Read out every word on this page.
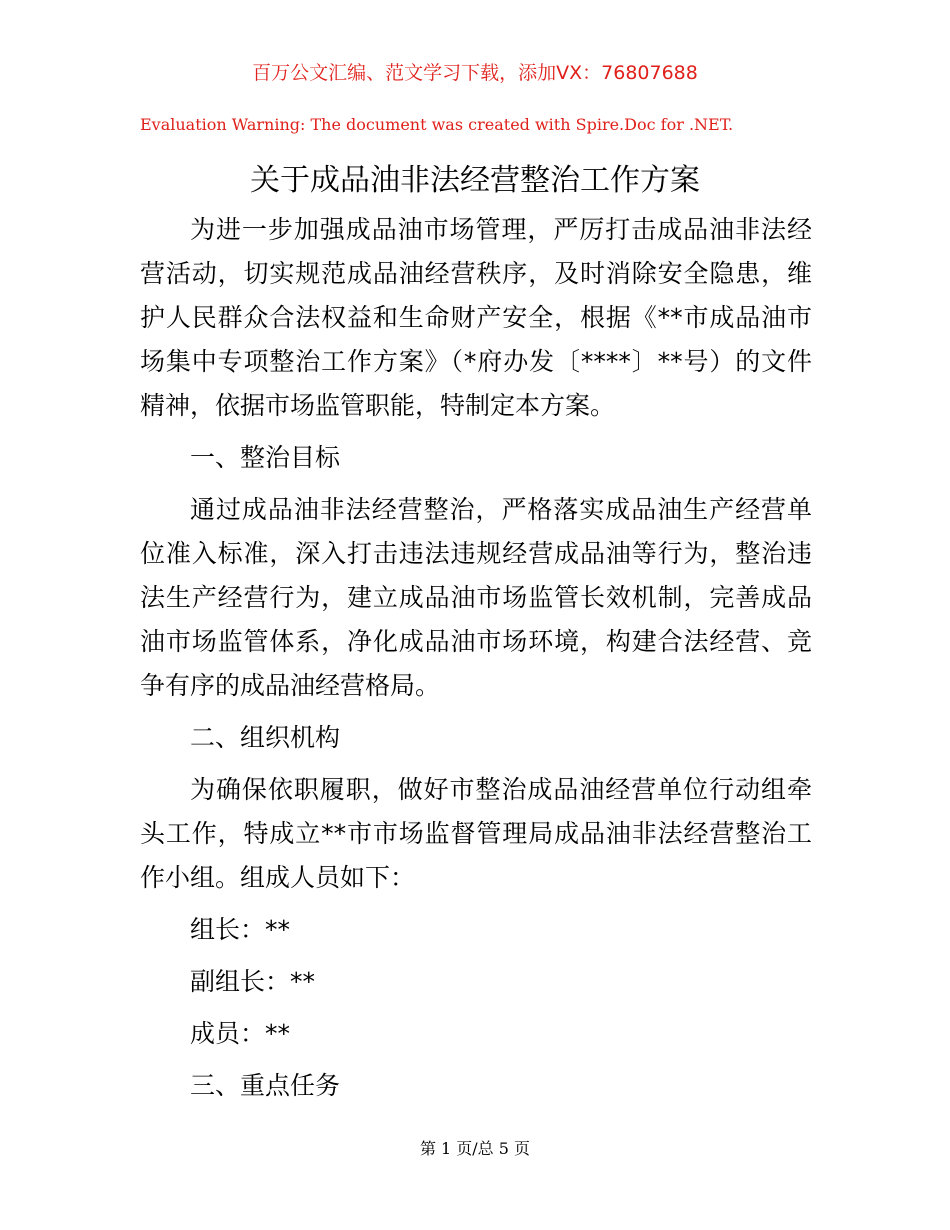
百万公文汇编、范文学习下载，添加VX：76807688
Evaluation Warning: The document was created with Spire.Doc for .NET.
关于成品油非法经营整治工作方案

为进一步加强成品油市场管理，严厉打击成品油非法经营活动，切实规范成品油经营秩序，及时消除安全隐患，维护人民群众合法权益和生命财产安全，根据《**市成品油市场集中专项整治工作方案》（*府办发〔****〕**号）的文件精神，依据市场监管职能，特制定本方案。

一、整治目标

通过成品油非法经营整治，严格落实成品油生产经营单位准入标准，深入打击违法违规经营成品油等行为，整治违法生产经营行为，建立成品油市场监管长效机制，完善成品油市场监管体系，净化成品油市场环境，构建合法经营、竞争有序的成品油经营格局。

二、组织机构

为确保依职履职，做好市整治成品油经营单位行动组牵头工作，特成立**市市场监督管理局成品油非法经营整治工作小组。组成人员如下：

组长：**

副组长：**

成员：**

三、重点任务

第 1 页/总 5 页
